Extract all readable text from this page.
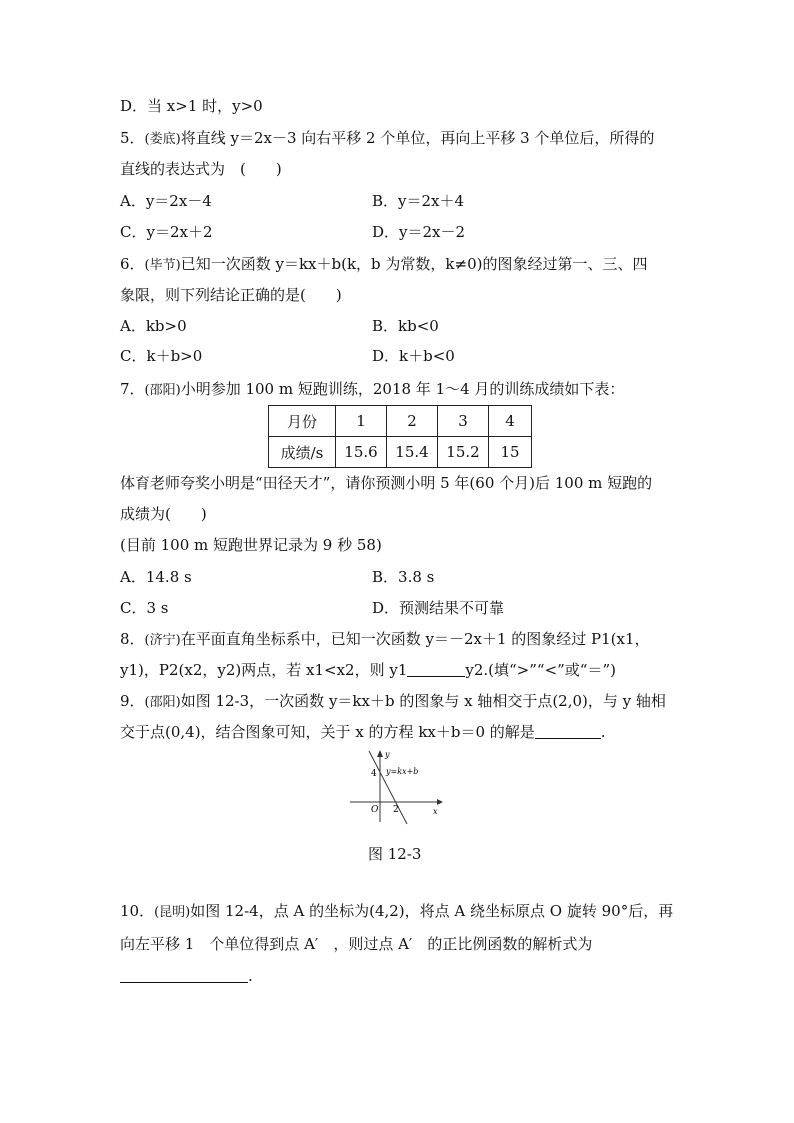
D．当 x>1 时，y>0
5．(娄底)将直线 y＝2x－3 向右平移 2 个单位，再向上平移 3 个单位后，所得的
直线的表达式为　(　　)
A．y＝2x－4	B．y＝2x＋4
C．y＝2x＋2	D．y＝2x－2
6．(毕节)已知一次函数 y＝kx＋b(k，b 为常数，k≠0)的图象经过第一、三、四
象限，则下列结论正确的是(　　)
A．kb>0	B．kb<0
C．k＋b>0	D．k＋b<0
7．(邵阳)小明参加 100 m 短跑训练，2018 年 1～4 月的训练成绩如下表：
月份	1	2	3	4
成绩/s	15.6	15.4	15.2	15
体育老师夸奖小明是“田径天才”，请你预测小明 5 年(60 个月)后 100 m 短跑的
成绩为(　　)
(目前 100 m 短跑世界记录为 9 秒 58)
A．14.8 s	B．3.8 s
C．3 s	D．预测结果不可靠
8．(济宁)在平面直角坐标系中，已知一次函数 y＝－2x＋1 的图象经过 P1(x1，
y1)，P2(x2，y2)两点，若 x1<x2，则 y1	y2.(填“>”“<”或“＝”)
9．(邵阳)如图 12-3，一次函数 y＝kx＋b 的图象与 x 轴相交于点(2,0)，与 y 轴相
交于点(0,4)，结合图象可知，关于 x 的方程 kx＋b＝0 的解是	.
y
x
O
4
2
y=kx+b
图 12-3
10．(昆明)如图 12-4，点 A 的坐标为(4,2)，将点 A 绕坐标原点 O 旋转 90°后，再
向左平移 1　个单位得到点 A′　，则过点 A′　的正比例函数的解析式为
.
